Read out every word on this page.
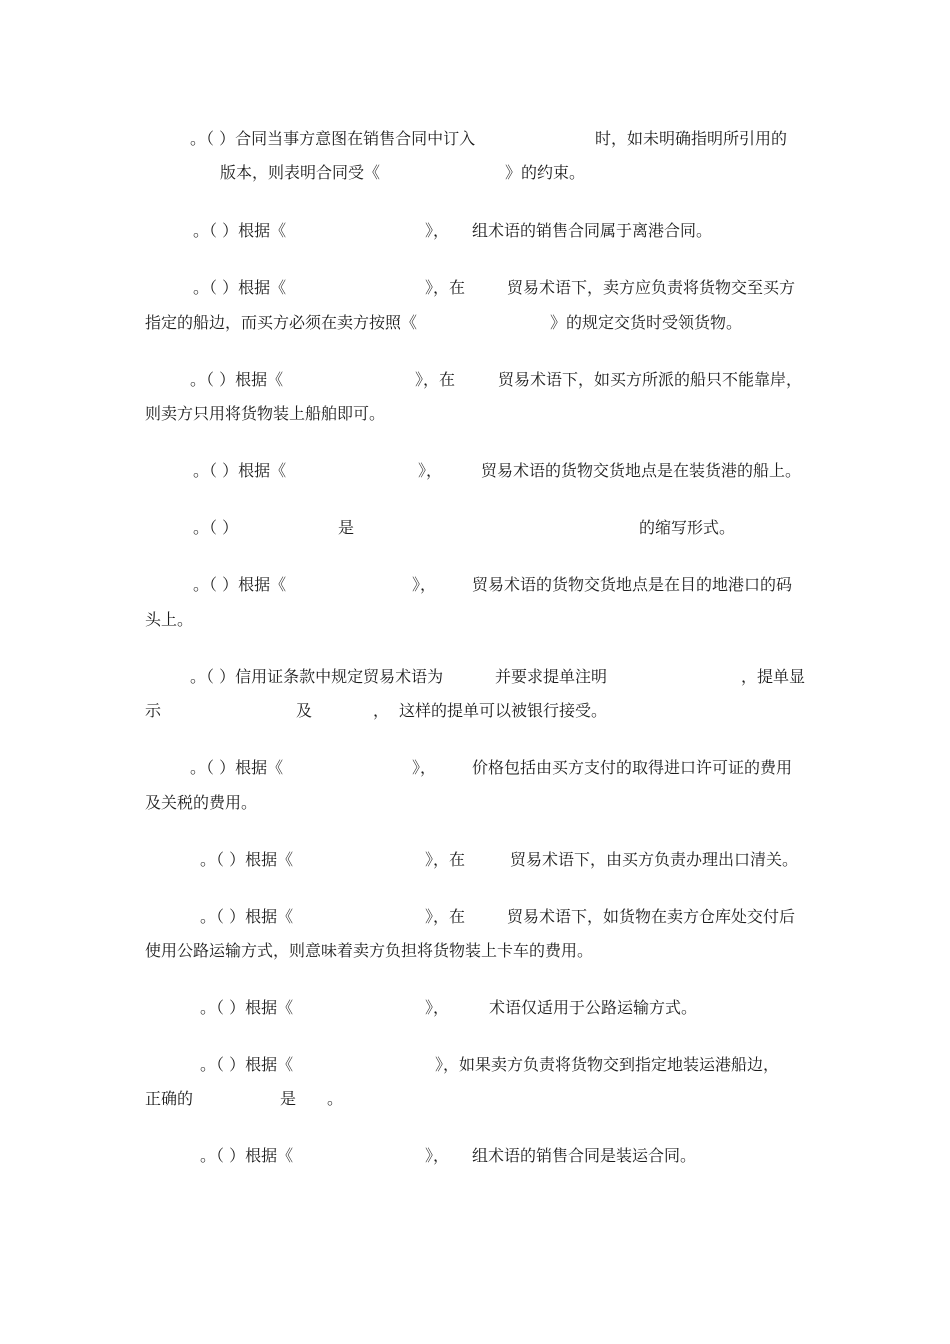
。（ ）合同当事方意图在销售合同中订入	时，如未明确指明所引用的
版本，则表明合同受《	》的约束。
。（ ）根据《	》， 组术语的销售合同属于离港合同。
。（ ）根据《	》，在	贸易术语下，卖方应负责将货物交至买方
指定的船边，而买方必须在卖方按照《	》的规定交货时受领货物。
。（ ）根据《	》，在	贸易术语下，如买方所派的船只不能靠岸，
则卖方只用将货物装上船舶即可。
。（ ）根据《	》， 贸易术语的货物交货地点是在装货港的船上。
。（ ）	是	的缩写形式。
。（ ）根据《	》， 贸易术语的货物交货地点是在目的地港口的码
头上。
。（ ）信用证条款中规定贸易术语为	并要求提单注明	，提单显
示	及	， 这样的提单可以被银行接受。
。（ ）根据《	》， 价格包括由买方支付的取得进口许可证的费用
及关税的费用。
。（ ）根据《	》，在	贸易术语下，由买方负责办理出口清关。
。（ ）根据《	》，在	贸易术语下，如货物在卖方仓库处交付后
使用公路运输方式，则意味着卖方负担将货物装上卡车的费用。
。（ ）根据《	》， 术语仅适用于公路运输方式。
。（ ）根据《	》，如果卖方负责将货物交到指定地装运港船边，
正确的	是 。
。（ ）根据《	》， 组术语的销售合同是装运合同。
